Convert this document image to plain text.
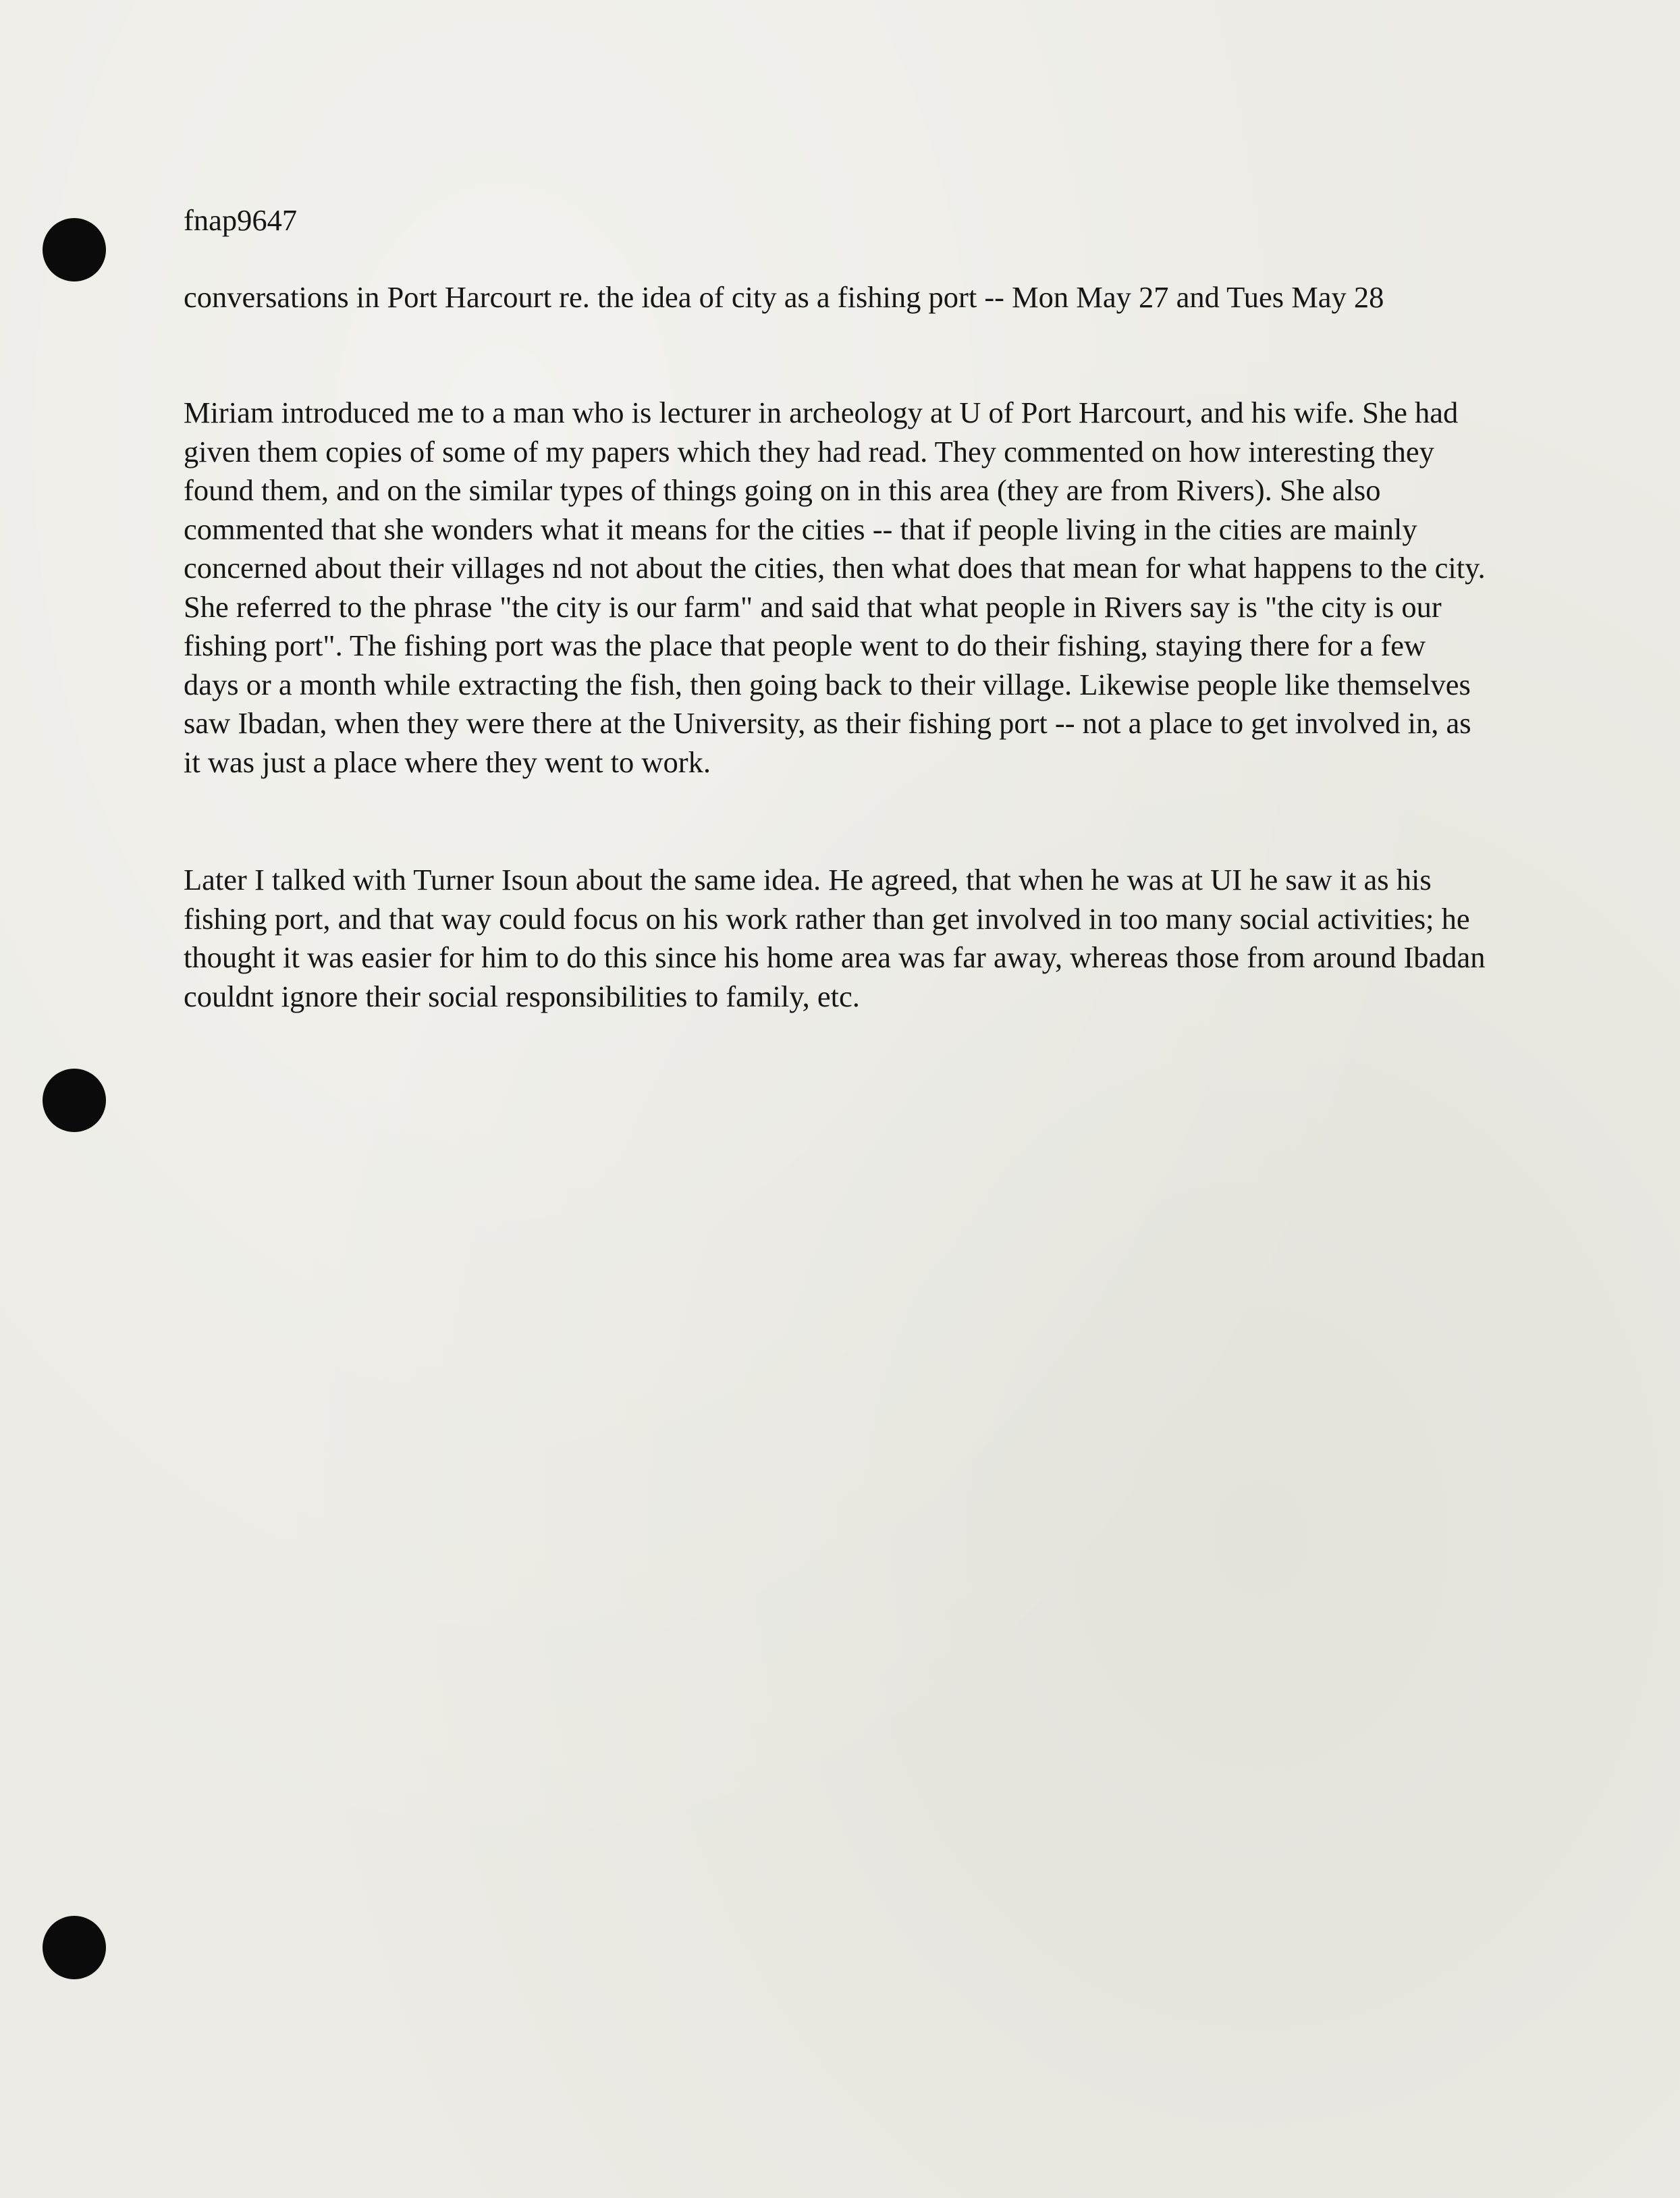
fnap9647

conversations in Port Harcourt re. the idea of city as a fishing port -- Mon May 27 and Tues May 28

Miriam introduced me to a man who is lecturer in archeology at U of Port Harcourt, and his wife. She had given them copies of some of my papers which they had read. They commented on how interesting they found them, and on the similar types of things going on in this area (they are from Rivers). She also commented that she wonders what it means for the cities -- that if people living in the cities are mainly concerned about their villages nd not about the cities, then what does that mean for what happens to the city. She referred to the phrase "the city is our farm" and said that what people in Rivers say is "the city is our fishing port". The fishing port was the place that people went to do their fishing, staying there for a few days or a month while extracting the fish, then going back to their village. Likewise people like themselves saw Ibadan, when they were there at the University, as their fishing port -- not a place to get involved in, as it was just a place where they went to work.

Later I talked with Turner Isoun about the same idea. He agreed, that when he was at UI he saw it as his fishing port, and that way could focus on his work rather than get involved in too many social activities; he thought it was easier for him to do this since his home area was far away, whereas those from around Ibadan couldnt ignore their social responsibilities to family, etc.
